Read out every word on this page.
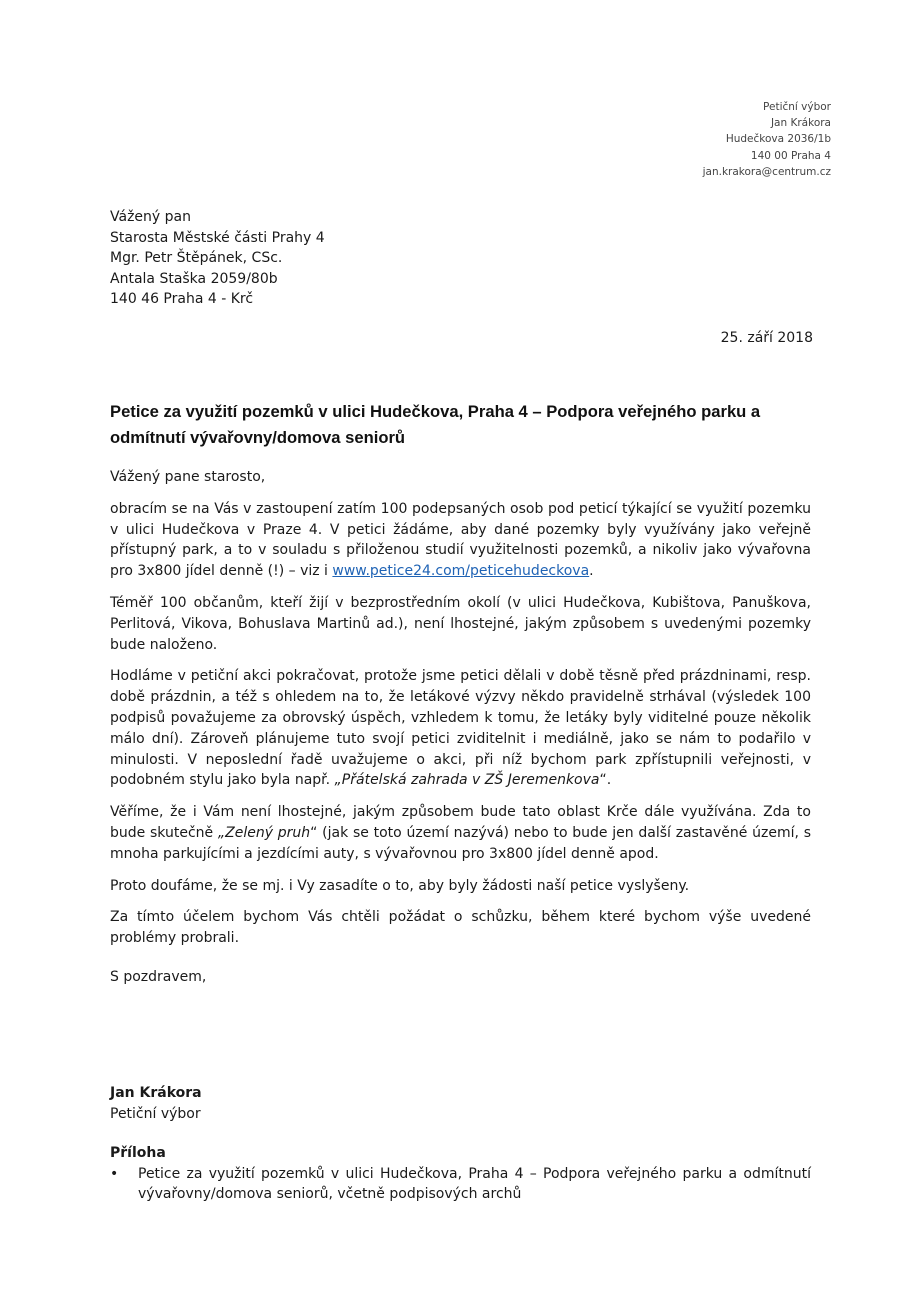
Petiční výbor
Jan Krákora
Hudečkova 2036/1b
140 00 Praha 4
jan.krakora@centrum.cz
Vážený pan
Starosta Městské části Prahy 4
Mgr. Petr Štěpánek, CSc.
Antala Staška 2059/80b
140 46 Praha 4 - Krč
25. září 2018
Petice za využití pozemků v ulici Hudečkova, Praha 4 – Podpora veřejného parku a odmítnutí vývařovny/domova seniorů

Vážený pane starosto,

obracím se na Vás v zastoupení zatím 100 podepsaných osob pod peticí týkající se využití pozemku v ulici Hudečkova v Praze 4. V petici žádáme, aby dané pozemky byly využívány jako veřejně přístupný park, a to v souladu s přiloženou studií využitelnosti pozemků, a nikoliv jako vývařovna pro 3x800 jídel denně (!) – viz i www.petice24.com/peticehudeckova.

Téměř 100 občanům, kteří žijí v bezprostředním okolí (v ulici Hudečkova, Kubištova, Panuškova, Perlitová, Vikova, Bohuslava Martinů ad.), není lhostejné, jakým způsobem s uvedenými pozemky bude naloženo.

Hodláme v petiční akci pokračovat, protože jsme petici dělali v době těsně před prázdninami, resp. době prázdnin, a též s ohledem na to, že letákové výzvy někdo pravidelně strhával (výsledek 100 podpisů považujeme za obrovský úspěch, vzhledem k tomu, že letáky byly viditelné pouze několik málo dní). Zároveň plánujeme tuto svojí petici zviditelnit i mediálně, jako se nám to podařilo v minulosti. V neposlední řadě uvažujeme o akci, při níž bychom park zpřístupnili veřejnosti, v podobném stylu jako byla např. „Přátelská zahrada v ZŠ Jeremenkova“.

Věříme, že i Vám není lhostejné, jakým způsobem bude tato oblast Krče dále využívána. Zda to bude skutečně „Zelený pruh“ (jak se toto území nazývá) nebo to bude jen další zastavěné území, s mnoha parkujícími a jezdícími auty, s vývařovnou pro 3x800 jídel denně apod.

Proto doufáme, že se mj. i Vy zasadíte o to, aby byly žádosti naší petice vyslyšeny.

Za tímto účelem bychom Vás chtěli požádat o schůzku, během které bychom výše uvedené problémy probrali.

S pozdravem,
Jan Krákora
Petiční výbor
Příloha
• Petice za využití pozemků v ulici Hudečkova, Praha 4 – Podpora veřejného parku a odmítnutí vývařovny/domova seniorů, včetně podpisových archů
